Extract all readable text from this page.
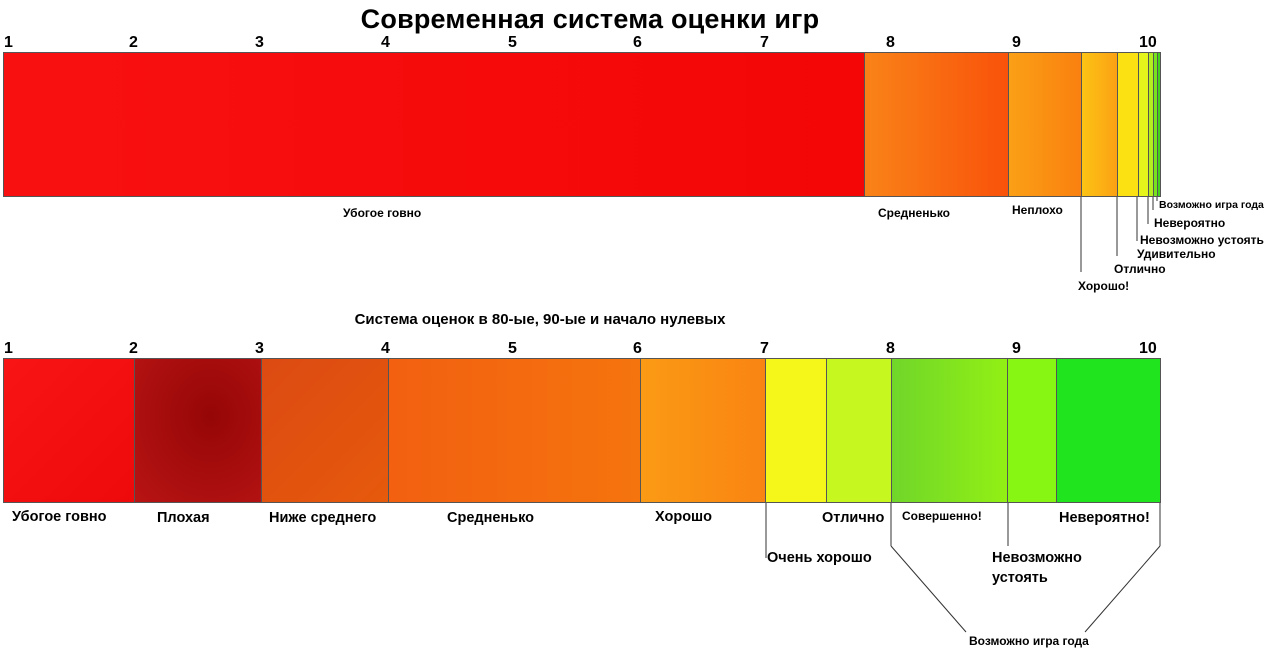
Современная система оценки игр
1	2	3	4	5	6	7	8	9	10
Убогое говно	Средненько	Неплохо
Хорошо!
Отлично
Удивительно
Невозможно устоять
Невероятно
Возможно игра года
Система оценок в 80-ые, 90-ые и начало нулевых
1	2	3	4	5	6	7	8	9	10
Убогое говно	Плохая	Ниже среднего	Средненько	Хорошо
Очень хорошо
Отлично Совершенно!
Невозможно устоять
Невероятно!
Возможно игра года
